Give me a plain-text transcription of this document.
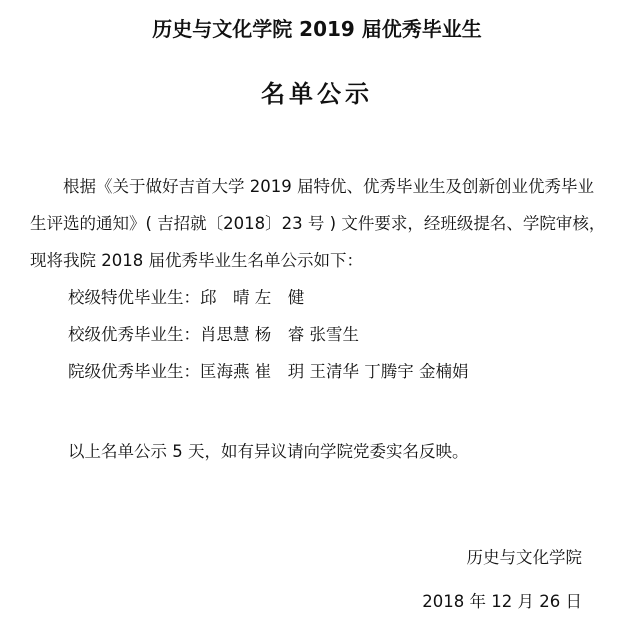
历史与文化学院 2019 届优秀毕业生
名单公示

根据《关于做好吉首大学 2019 届特优、优秀毕业生及创新创业优秀毕业生评选的通知》( 吉招就〔2018〕23 号 ) 文件要求，经班级提名、学院审核，现将我院 2018 届优秀毕业生名单公示如下：

校级特优毕业生：邱　晴 左　健

校级优秀毕业生：肖思慧 杨　睿 张雪生

院级优秀毕业生：匡海燕 崔　玥 王清华 丁腾宇 金楠娟

以上名单公示 5 天，如有异议请向学院党委实名反映。

历史与文化学院
2018 年 12 月 26 日
